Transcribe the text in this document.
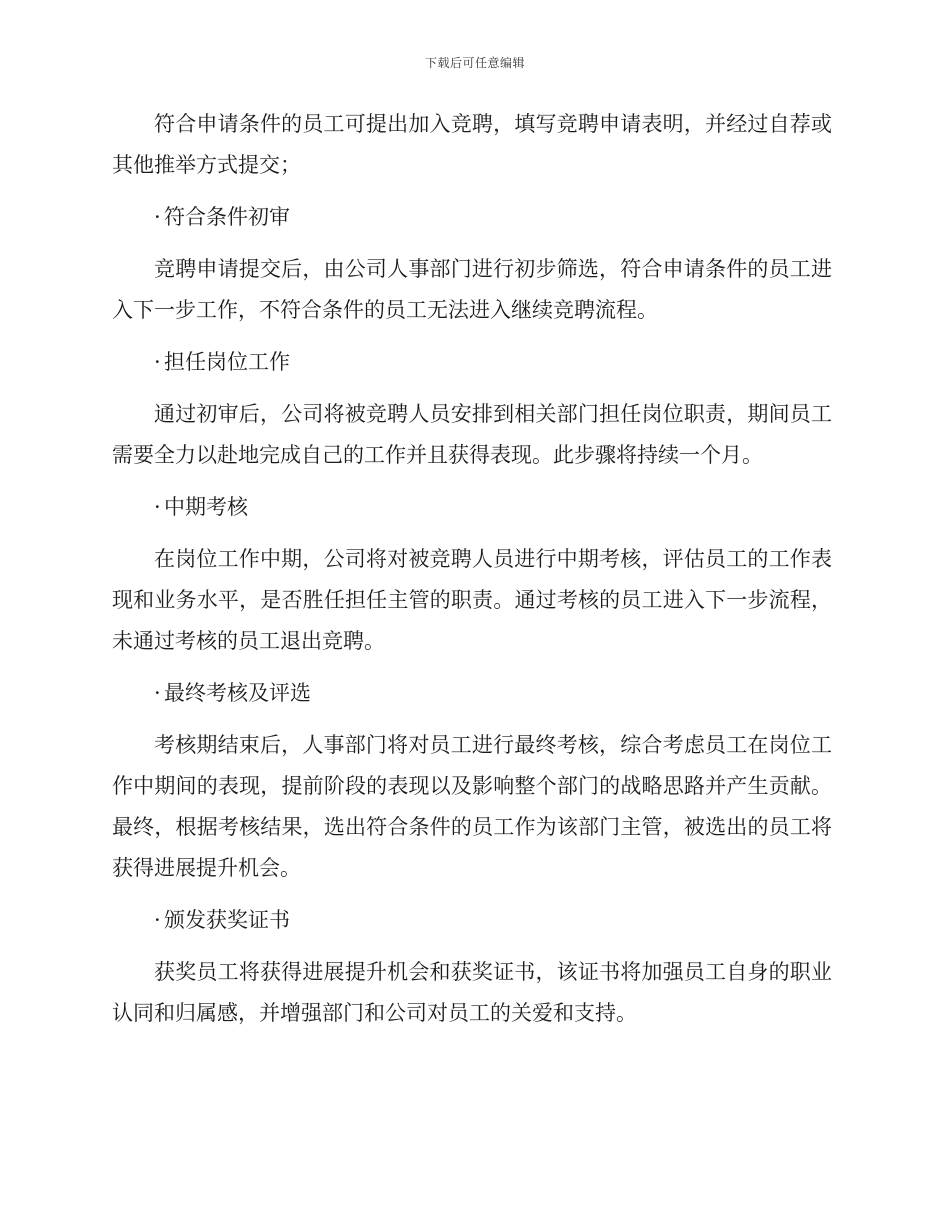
下载后可任意编辑

符合申请条件的员工可提出加入竞聘，填写竞聘申请表明，并经过自荐或其他推举方式提交；

· 符合条件初审

竞聘申请提交后，由公司人事部门进行初步筛选，符合申请条件的员工进入下一步工作，不符合条件的员工无法进入继续竞聘流程。

· 担任岗位工作

通过初审后，公司将被竞聘人员安排到相关部门担任岗位职责，期间员工需要全力以赴地完成自己的工作并且获得表现。此步骤将持续一个月。

· 中期考核

在岗位工作中期，公司将对被竞聘人员进行中期考核，评估员工的工作表现和业务水平，是否胜任担任主管的职责。通过考核的员工进入下一步流程，未通过考核的员工退出竞聘。

· 最终考核及评选

考核期结束后，人事部门将对员工进行最终考核，综合考虑员工在岗位工作中期间的表现，提前阶段的表现以及影响整个部门的战略思路并产生贡献。最终，根据考核结果，选出符合条件的员工作为该部门主管，被选出的员工将获得进展提升机会。

· 颁发获奖证书

获奖员工将获得进展提升机会和获奖证书，该证书将加强员工自身的职业认同和归属感，并增强部门和公司对员工的关爱和支持。
